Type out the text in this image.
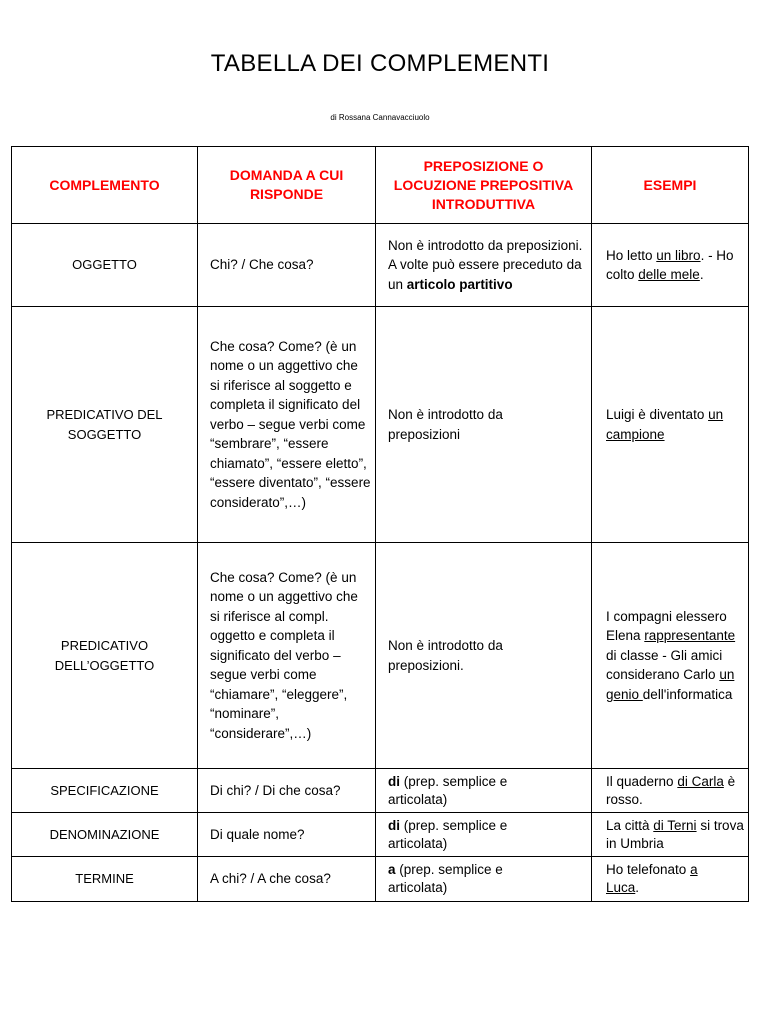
TABELLA DEI COMPLEMENTI
di Rossana Cannavacciuolo
COMPLEMENTO	DOMANDA A CUI RISPONDE	PREPOSIZIONE O LOCUZIONE PREPOSITIVA INTRODUTTIVA	ESEMPI
OGGETTO	Chi? / Che cosa?	Non è introdotto da preposizioni. A volte può essere preceduto da un articolo partitivo	Ho letto un libro. - Ho colto delle mele.
PREDICATIVO DEL SOGGETTO	Che cosa? Come? (è un nome o un aggettivo che si riferisce al soggetto e completa il significato del verbo – segue verbi come “sembrare”, “essere chiamato”, “essere eletto”, “essere diventato”, “essere considerato”,…)	Non è introdotto da preposizioni	Luigi è diventato un campione
PREDICATIVO DELL’OGGETTO	Che cosa? Come? (è un nome o un aggettivo che si riferisce al compl. oggetto e completa il significato del verbo – segue verbi come “chiamare”, “eleggere”, “nominare”, “considerare”,…)	Non è introdotto da preposizioni.	I compagni elessero Elena rappresentante di classe - Gli amici considerano Carlo un genio dell'informatica
SPECIFICAZIONE	Di chi? / Di che cosa?	di (prep. semplice e articolata)	Il quaderno di Carla è rosso.
DENOMINAZIONE	Di quale nome?	di (prep. semplice e articolata)	La città di Terni si trova in Umbria
TERMINE	A chi? / A che cosa?	a (prep. semplice e articolata)	Ho telefonato a Luca.
